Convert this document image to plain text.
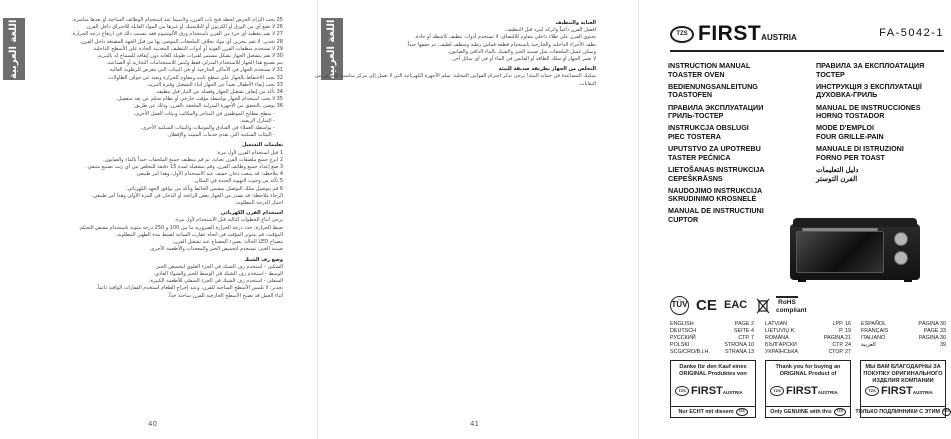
اللغة العربية	25 يجب التزام الحرص لحظة فتح باب الفرن، ولاسيما عند استخدام الوظائف الساخنة أو بعدها مباشرة.
26 لا تضع أي من الورق أو الكرتون أو البلاستيك أو غيرها من المواد القابلة للاحتراق داخل الفرن.
27 لا تقم بتغطية أي جزء من الفرن باستخدام ورق الألومنيوم فقد يتسبب ذلك في ارتفاع درجة الحرارة.
28 تحذير: لا تقم بتخزين أي مواد بخلاف الملحقات الموصى بها من قبل الجهة المصنعة داخل الفرن.
29 لا تستخدم منظفات الفرن القوية أو أدوات التنظيف المعدنية الحادة على الأسطح الداخلية.
30 لا تقم بتشغيل الجهاز بشكل مستمر لفترات طويلة للغاية دون إيقافه للسماح له بالتبريد.
يتم تصنيع هذا الجهاز للاستخدام المنزلي فقط وليس للاستخدامات التجارية أو الصناعية.
31 لا يستخدم الجهاز في الأماكن الخارجية أو في البيئات التي تتعرض للرطوبة العالية.
32 يجب الاحتفاظ بالجهاز على سطح ثابت ومقاوم للحرارة وبعيد عن حواف الطاولات.
33 يجب إبقاء الأطفال بعيداً عن الجهاز أثناء التشغيل وفترة التبريد.
34 تأكد من إيقاف تشغيل الجهاز وفصله عن التيار قبل تنظيفه.
35 لا يجب استخدام الجهاز بواسطة مؤقت خارجي أو نظام تحكم عن بعد منفصل.
36 يوصى بالتحقق من الأجهزة المنزلية الملحقة بالفرن، وذلك عن طريق:
- سطح مطابخ الموظفين في المتاجر والمكاتب وبيئات العمل الأخرى.
- المنازل الريفية.
- بواسطة العملاء في الفنادق والموتيلات والبيئات السكنية الأخرى.
- البيئات السكنية التي تقدم خدمات المبيت والإفطار.
تعليمات التشغيل
1 قبل استخدام الفرن لأول مرة:
2 انزع جميع ملصقات الفرن بعناية، ثم قم بتنظيف جميع الملحقات جيداً بالماء والصابون.
3 ضع إعداد جميع وظائف الفرن، وقم بتشغيله لمدة 15 دقيقة للتخلص من أي زيت تصنيع متبقي.
4 ملاحظة: قد ينبعث دخان خفيف عند الاستخدام الأول، وهذا أمر طبيعي.
5 تأكد من وجوب التهوية الجيدة في المكان.
6 قم بتوصيل سلك التوصيل بمقبس الحائط وتأكد من توافق الجهد الكهربائي.
الرجاء ملاحظة: قد يصدر من الجهاز بعض الرائحة أو الدخان في المرة الأولى وهذا أمر طبيعي.
اختيار الدرجة المطلوبة.
استخدام الفرن الكهربائي
يرجى اتباع الخطوات التالية قبل الاستخدام لأول مرة.
ضبط الحرارة: حدد درجة الحرارة الضرورية ما بين 100 و 250 درجة مئوية باستخدام مقبض التحكم.
المؤقت: قم بتدوير المؤقت في اتجاه عقارب الساعة لضبط مدة الطهي المطلوبة.
مصباح LED الحالة: يضيء المصباح عند تشغيل الفرن.
صينية الخبز: تستخدم لتحميص الخبز والمعجنات والأطعمة الأخرى.
وضع رف الشبك
السكين - استخدم رف الشبك في الجزء العلوي لتحميص الخبز.
الوسط - استخدم رف الشبك في الوسط للخبز والشواء العادي.
السفلي - استخدم رف الشبك في الجزء السفلي للأطعمة الكبيرة.
تحذير: لا تلمس الأسطح الساخنة للفرن، وعند إخراج الطعام استخدم القفازات الواقية دائماً.
أثناء العمل قد تصبح الأسطح الخارجية للفرن ساخنة جداً.
40
اللغة العربية	العناية والتنظيف
افصل الفرن دائماً واتركه ليبرد قبل التنظيف.
يحتوي الفرن على طلاء داخلي مقاوم للالتصاق، لا تستخدم أدوات تنظيف كاشطة أو حادة.
نظف الأجزاء الداخلية والخارجية باستخدام قطعة قماش رطبة ومنظف لطيف، ثم جففها جيداً.
ويمكن غسل الملحقات مثل صينية الخبز والشبك بالماء الدافئ والصابون.
لا تغمر الجهاز أو سلك الطاقة أو القابس في الماء أو في أي سائل آخر.
التخلص من الجهاز بطريقة صديقة للبيئة
يمكنك المساعدة في حماية البيئة! يرجى تذكر احترام القوانين المحلية: سلم الأجهزة الكهربائية التي لا تعمل إلى مركز مناسب للتخلص من
النفايات.
41
TZS FIRSTAUSTRIA	FA-5042-1
INSTRUCTION MANUAL	ПРАВИЛА ЗА ЕКСПЛОАТАЦИЯ
TOASTER OVEN	ТОСТЕР
BEDIENUNGSANLEITUNG	ИНСТРУКЦІЯ З ЕКСПЛУАТАЦІЇ
TOASTOFEN	ДУХОВКА-ГРИЛЬ
ПРАВИЛА ЭКСПЛУАТАЦИИ	MANUAL DE INSTRUCCIONES
ГРИЛЬ-ТОСТЕР	HORNO TOSTADOR
INSTRUKCJA OBSLUGI	MODE D'EMPLOI
PIEC TOSTERA	FOUR GRILLE-PAIN
UPUTSTVO ZA UPOTREBU	MANUALE DI ISTRUZIONI
TASTER PEĆNICA	FORNO PER TOAST
LIETOŠANAS INSTRUKCIJA	دليل التعليمات
CEPEŠKRĀSNS	الفرن التوستر
NAUDOJIMO INSTRUKCIJA
SKRUDINIMO KROSNELĖ
MANUAL DE INSTRUCTIUNI
CUPTOR
TÜV CE EAC	RoHS compliant
ENGLISH	PAGE 2
DEUTSCH	SEITE 4
РУССКИЙ	СТР. 7
POLSKI	STRONA 10
SCG/CRO/B.i.H.	STRANA 13
LATVIAN	LPP. 16
LIETUVIŲ K.	P. 19
ROMÂNA	PAGINA 21
БЪЛГАРСКИ	СТР. 24
УКРАЇНСЬКА	СТОР. 27
ESPAÑOL	PÁGINA 30
FRANÇAIS	PAGE 33
ITALIANO	PAGINA 36
العربية	39
Danke für den Kauf eines ORIGINAL Produktes von
TZS FIRSTAUSTRIA
Nur ECHT mit diesem	TZS
Thank you for buying an ORIGINAL Product of
TZS FIRSTAUSTRIA
Only GENUINE with this	TZS
МЫ ВАМ БЛАГОДАРНЫ ЗА ПОКУПКУ ОРИГИНАЛЬНОГО ИЗДЕЛИЯ КОМПАНИИ
TZS FIRSTAUSTRIA
ТОЛЬКО ПОДЛИННИКИ С ЭТИМ TZS
